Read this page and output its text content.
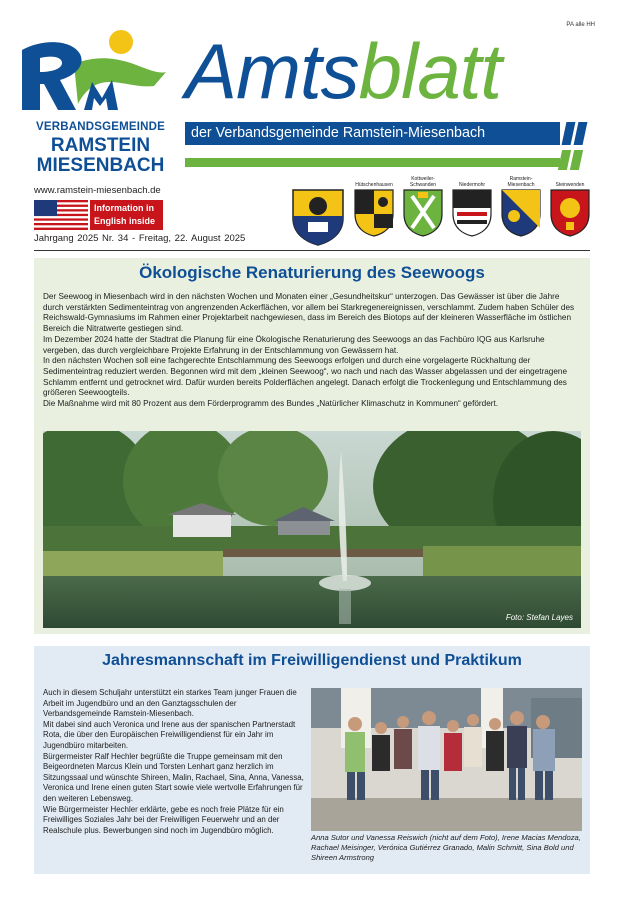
PA alle HH
VERBANDSGEMEINDE
RAMSTEIN
MIESENBACH
Amtsblatt
der Verbandsgemeinde Ramstein-Miesenbach
www.ramstein-miesenbach.de
Information in English inside
Jahrgang 2025 Nr. 34 - Freitag, 22. August 2025
Hütschenhausen
Kottweiler-Schwanden	Niedermohr
Ramstein-Miesenbach	Steinwenden
Ökologische Renaturierung des Seewoogs

Der Seewoog in Miesenbach wird in den nächsten Wochen und Monaten einer „Gesundheitskur“ unterzogen. Das Gewässer ist über die Jahre durch verstärkten Sedimenteintrag von angrenzenden Ackerflächen, vor allem bei Starkregenereignissen, verschlammt. Zudem haben Schüler des Reichswald-Gymnasiums im Rahmen einer Projektarbeit nachgewiesen, dass im Bereich des Biotops auf der kleineren Wasserfläche im östlichen Bereich die Nitratwerte gestiegen sind.

Im Dezember 2024 hatte der Stadtrat die Planung für eine Ökologische Renaturierung des Seewoogs an das Fachbüro IQG aus Karlsruhe vergeben, das durch vergleichbare Projekte Erfahrung in der Entschlammung von Gewässern hat.

In den nächsten Wochen soll eine fachgerechte Entschlammung des Seewoogs erfolgen und durch eine vorgelagerte Rückhaltung der Sedimenteintrag reduziert werden. Begonnen wird mit dem „kleinen Seewoog“, wo nach und nach das Wasser abgelassen und der eingetragene Schlamm entfernt und getrocknet wird. Dafür wurden bereits Polderflächen angelegt. Danach erfolgt die Trockenlegung und Entschlammung des größeren Seewoogteils.

Die Maßnahme wird mit 80 Prozent aus dem Förderprogramm des Bundes „Natürlicher Klimaschutz in Kommunen“ gefördert.

Foto: Stefan Layes
Jahresmannschaft im Freiwilligendienst und Praktikum

Auch in diesem Schuljahr unterstützt ein starkes Team junger Frauen die Arbeit im Jugendbüro und an den Ganztagsschulen der Verbandsgemeinde Ramstein-Miesenbach.

Mit dabei sind auch Veronica und Irene aus der spanischen Partnerstadt Rota, die über den Europäischen Freiwilligendienst für ein Jahr im Jugendbüro mitarbeiten.

Bürgermeister Ralf Hechler begrüßte die Truppe gemeinsam mit den Beigeordneten Marcus Klein und Torsten Lenhart ganz herzlich im Sitzungssaal und wünschte Shireen, Malin, Rachael, Sina, Anna, Vanessa, Veronica und Irene einen guten Start sowie viele wertvolle Erfahrungen für den weiteren Lebensweg.

Wie Bürgermeister Hechler erklärte, gebe es noch freie Plätze für ein Freiwilliges Soziales Jahr bei der Freiwilligen Feuerwehr und an der Realschule plus. Bewerbungen sind noch im Jugendbüro möglich.

Anna Sutor und Vanessa Reiswich (nicht auf dem Foto), Irene Macias Mendoza, Rachael Meisinger, Verónica Gutiérrez Granado, Malin Schmitt, Sina Bold und Shireen Armstrong
